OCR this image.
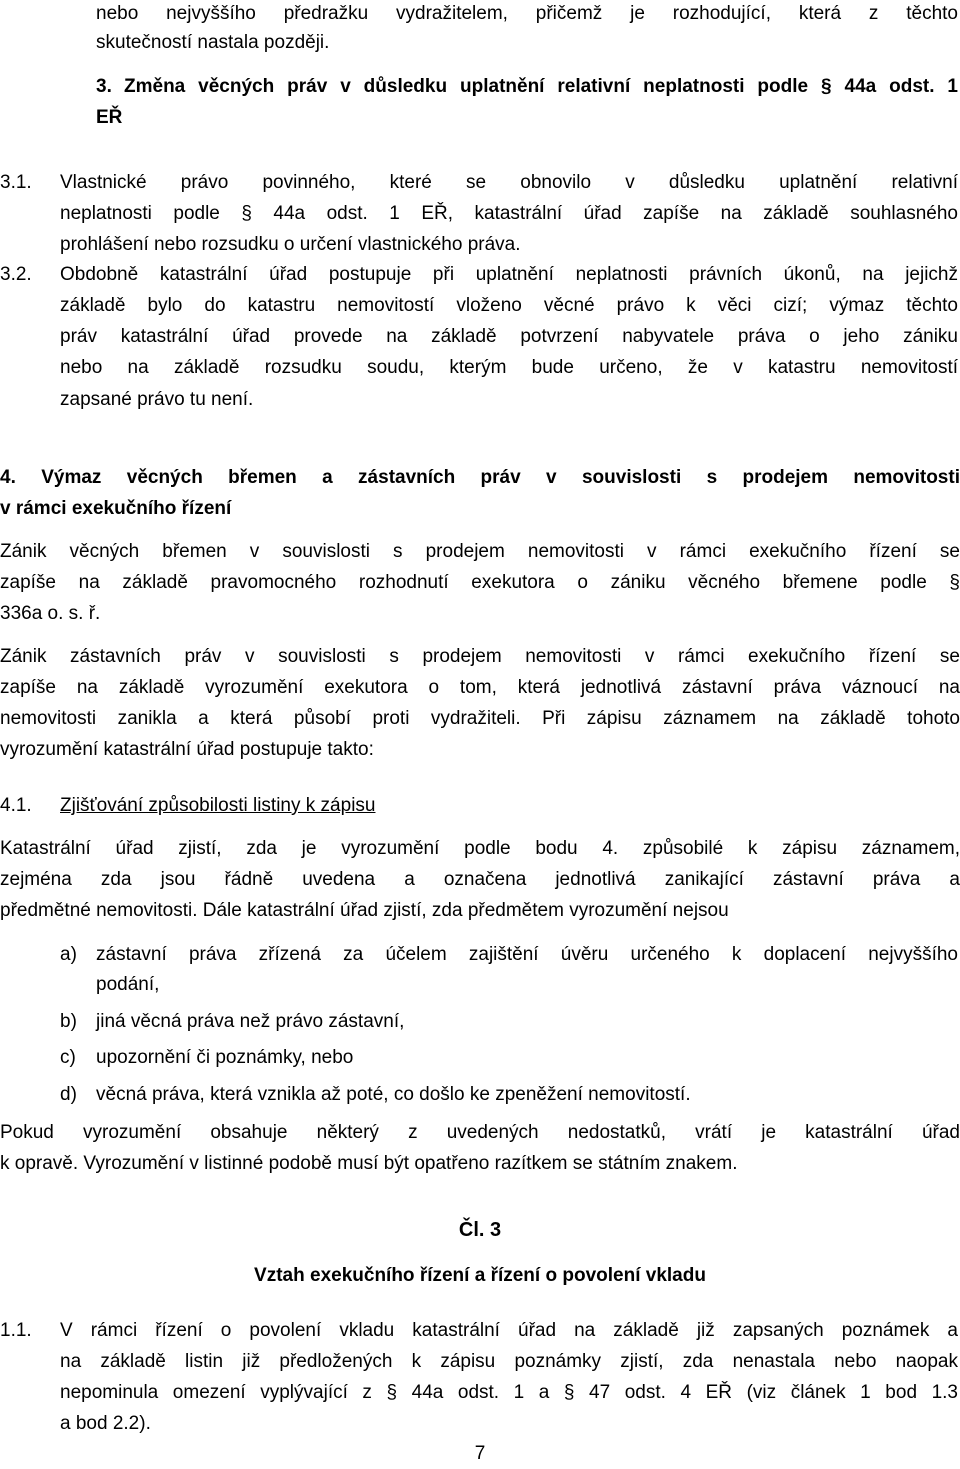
nebo nejvyššího předražku vydražitelem, přičemž je rozhodující, která z těchto
skutečností nastala později.
3. Změna věcných práv v důsledku uplatnění relativní neplatnosti podle § 44a odst. 1
EŘ
3.1. Vlastnické právo povinného, které se obnovilo v důsledku uplatnění relativní
neplatnosti podle § 44a odst. 1 EŘ, katastrální úřad zapíše na základě souhlasného
prohlášení nebo rozsudku o určení vlastnického práva.
3.2. Obdobně katastrální úřad postupuje při uplatnění neplatnosti právních úkonů, na jejichž
základě bylo do katastru nemovitostí vloženo věcné právo k věci cizí; výmaz těchto
práv katastrální úřad provede na základě potvrzení nabyvatele práva o jeho zániku
nebo na základě rozsudku soudu, kterým bude určeno, že v katastru nemovitostí
zapsané právo tu není.
4. Výmaz věcných břemen a zástavních práv v souvislosti s prodejem nemovitosti
v rámci exekučního řízení
Zánik věcných břemen v souvislosti s prodejem nemovitosti v rámci exekučního řízení se
zapíše na základě pravomocného rozhodnutí exekutora o zániku věcného břemene podle §
336a o. s. ř.
Zánik zástavních práv v souvislosti s prodejem nemovitosti v rámci exekučního řízení se
zapíše na základě vyrozumění exekutora o tom, která jednotlivá zástavní práva váznoucí na
nemovitosti zanikla a která působí proti vydražiteli. Při zápisu záznamem na základě tohoto
vyrozumění katastrální úřad postupuje takto:
4.1. Zjišťování způsobilosti listiny k zápisu
Katastrální úřad zjistí, zda je vyrozumění podle bodu 4. způsobilé k zápisu záznamem,
zejména zda jsou řádně uvedena a označena jednotlivá zanikající zástavní práva a
předmětné nemovitosti. Dále katastrální úřad zjistí, zda předmětem vyrozumění nejsou
a) zástavní práva zřízená za účelem zajištění úvěru určeného k doplacení nejvyššího
podání,
b) jiná věcná práva než právo zástavní,
c) upozornění či poznámky, nebo
d) věcná práva, která vznikla až poté, co došlo ke zpeněžení nemovitostí.
Pokud vyrozumění obsahuje některý z uvedených nedostatků, vrátí je katastrální úřad
k opravě. Vyrozumění v listinné podobě musí být opatřeno razítkem se státním znakem.
Čl. 3
Vztah exekučního řízení a řízení o povolení vkladu
1.1. V rámci řízení o povolení vkladu katastrální úřad na základě již zapsaných poznámek a
na základě listin již předložených k zápisu poznámky zjistí, zda nenastala nebo naopak
nepominula omezení vyplývající z § 44a odst. 1 a § 47 odst. 4 EŘ (viz článek 1 bod 1.3
a bod 2.2).
7
